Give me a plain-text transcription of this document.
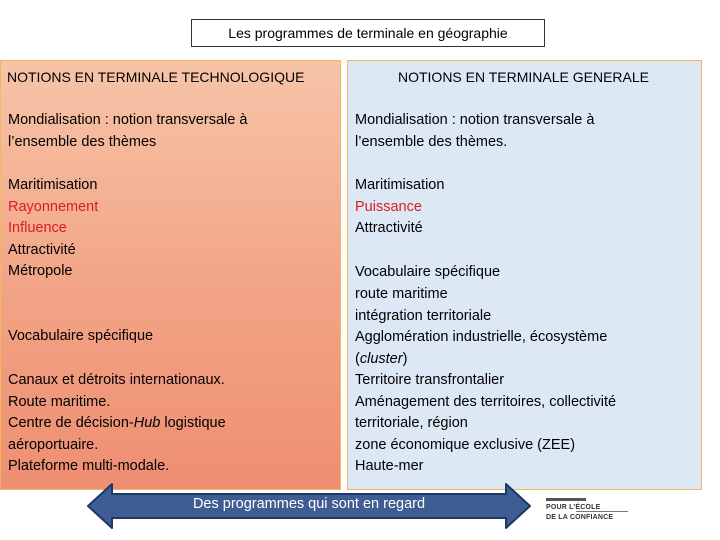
Les programmes de terminale en géographie
NOTIONS EN TERMINALE TECHNOLOGIQUE
Mondialisation : notion transversale à
l’ensemble des thèmes
Maritimisation
Rayonnement
Influence
Attractivité
Métropole
Vocabulaire spécifique
Canaux et détroits internationaux.
Route maritime.
Centre de décision-Hub logistique
aéroportuaire.
Plateforme multi-modale.
NOTIONS EN TERMINALE GENERALE
Mondialisation : notion transversale à
l’ensemble des thèmes.
Maritimisation
Puissance
Attractivité
Vocabulaire spécifique
route maritime
intégration territoriale
Agglomération industrielle, écosystème
(cluster)
Territoire transfrontalier
Aménagement des territoires, collectivité
territoriale, région
zone économique exclusive (ZEE)
Haute-mer
Des programmes qui sont en regard	POUR L’ÉCOLE
DE LA CONFIANCE
